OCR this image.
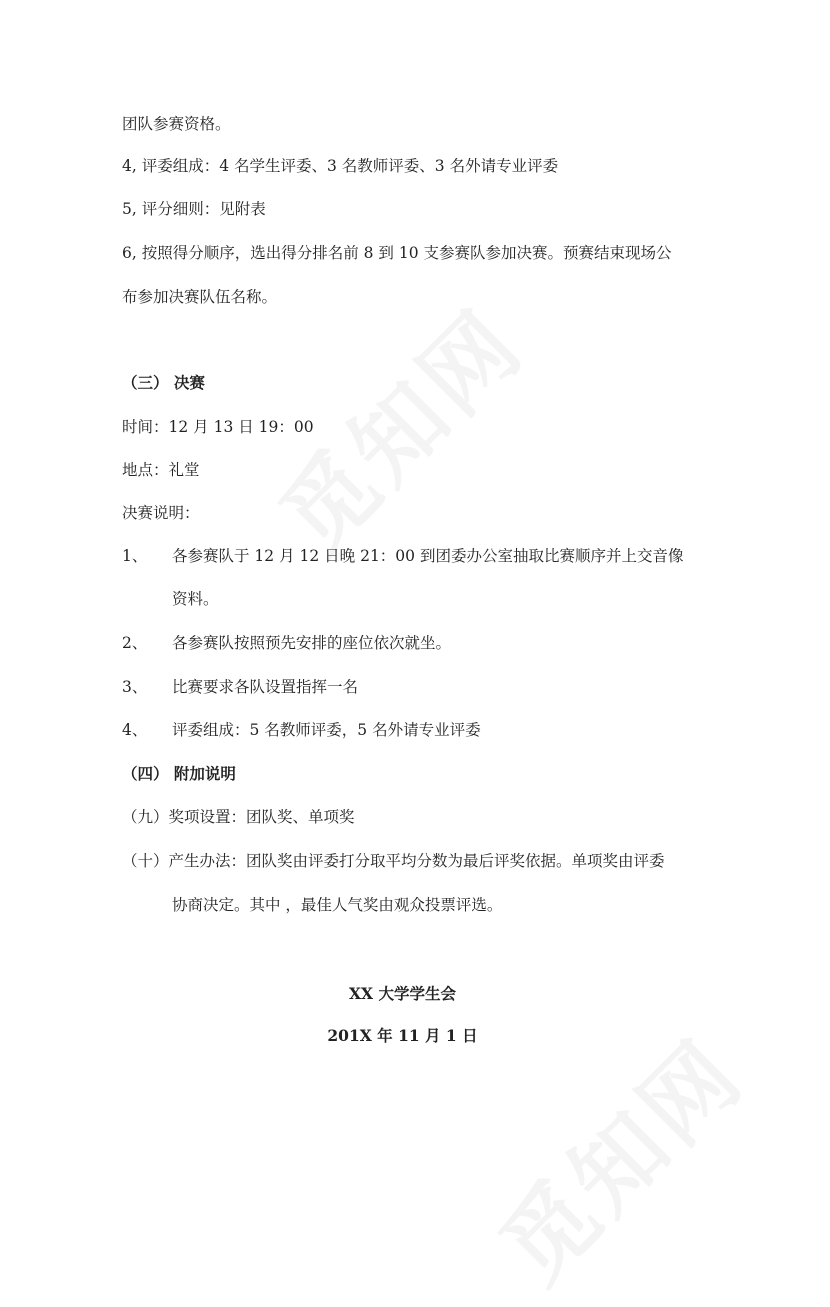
团队参赛资格。
4, 评委组成：4 名学生评委、3 名教师评委、3 名外请专业评委
5, 评分细则：见附表
6, 按照得分顺序，选出得分排名前 8 到 10 支参赛队参加决赛。预赛结束现场公
布参加决赛队伍名称。
（三） 决赛
时间：12 月 13 日 19：00
地点：礼堂
决赛说明：
1、 各参赛队于 12 月 12 日晚 21：00 到团委办公室抽取比赛顺序并上交音像
资料。
2、 各参赛队按照预先安排的座位依次就坐。
3、 比赛要求各队设置指挥一名
4、 评委组成：5 名教师评委，5 名外请专业评委
（四） 附加说明
（九）奖项设置：团队奖、单项奖
（十）产生办法：团队奖由评委打分取平均分数为最后评奖依据。单项奖由评委
协商决定。其中 ，最佳人气奖由观众投票评选。
XX 大学学生会
201X 年 11 月 1 日
